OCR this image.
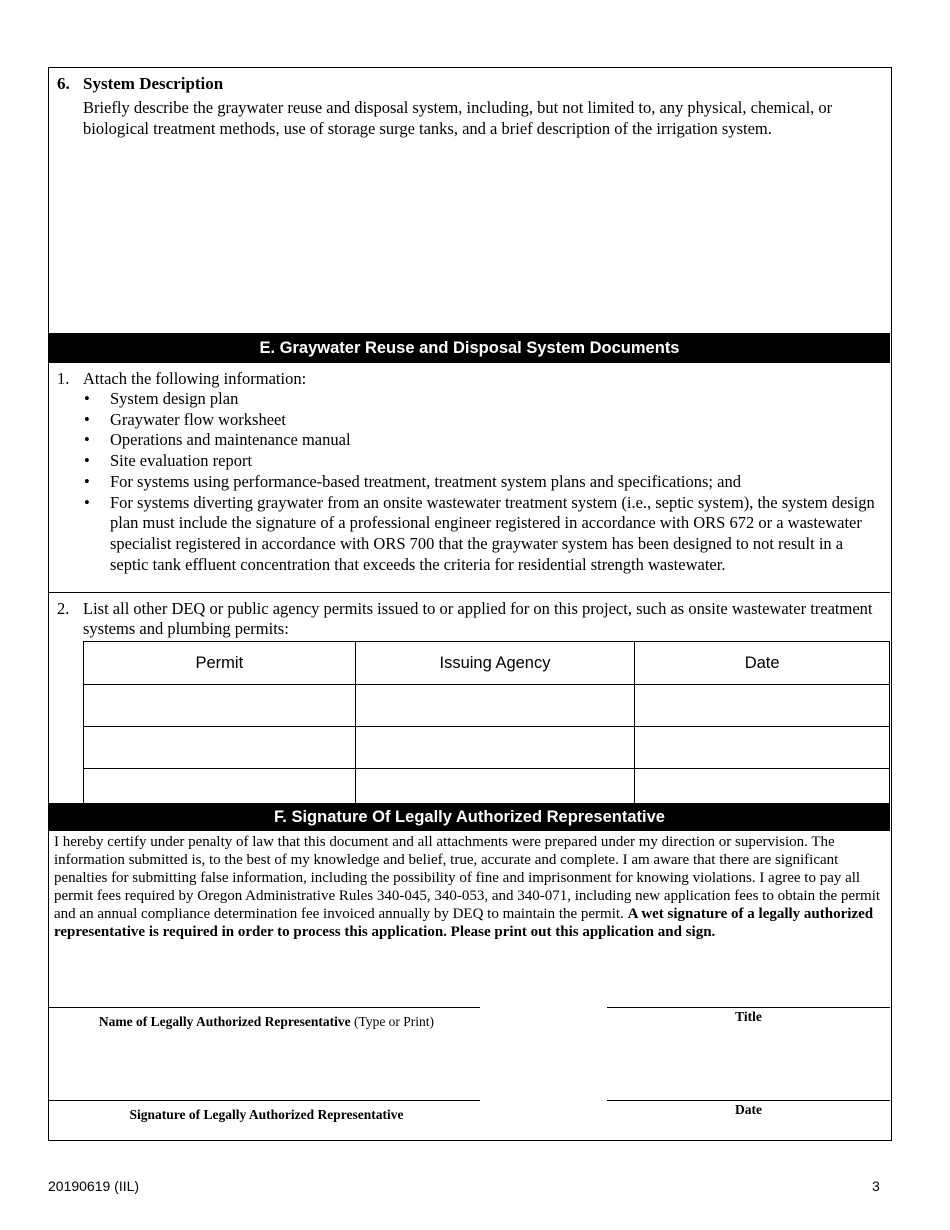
6. System Description
Briefly describe the graywater reuse and disposal system, including, but not limited to, any physical, chemical, or biological treatment methods, use of storage surge tanks, and a brief description of the irrigation system.
E. Graywater Reuse and Disposal System Documents
1. Attach the following information:
• System design plan
• Graywater flow worksheet
• Operations and maintenance manual
• Site evaluation report
• For systems using performance-based treatment, treatment system plans and specifications; and
• For systems diverting graywater from an onsite wastewater treatment system (i.e., septic system), the system design plan must include the signature of a professional engineer registered in accordance with ORS 672 or a wastewater specialist registered in accordance with ORS 700 that the graywater system has been designed to not result in a septic tank effluent concentration that exceeds the criteria for residential strength wastewater.
2. List all other DEQ or public agency permits issued to or applied for on this project, such as onsite wastewater treatment systems and plumbing permits:
Permit	Issuing Agency	Date

F. Signature Of Legally Authorized Representative
I hereby certify under penalty of law that this document and all attachments were prepared under my direction or supervision. The information submitted is, to the best of my knowledge and belief, true, accurate and complete. I am aware that there are significant penalties for submitting false information, including the possibility of fine and imprisonment for knowing violations. I agree to pay all permit fees required by Oregon Administrative Rules 340-045, 340-053, and 340-071, including new application fees to obtain the permit and an annual compliance determination fee invoiced annually by DEQ to maintain the permit. A wet signature of a legally authorized representative is required in order to process this application. Please print out this application and sign.
Name of Legally Authorized Representative (Type or Print)	Title
Signature of Legally Authorized Representative	Date
20190619 (IIL)	3
